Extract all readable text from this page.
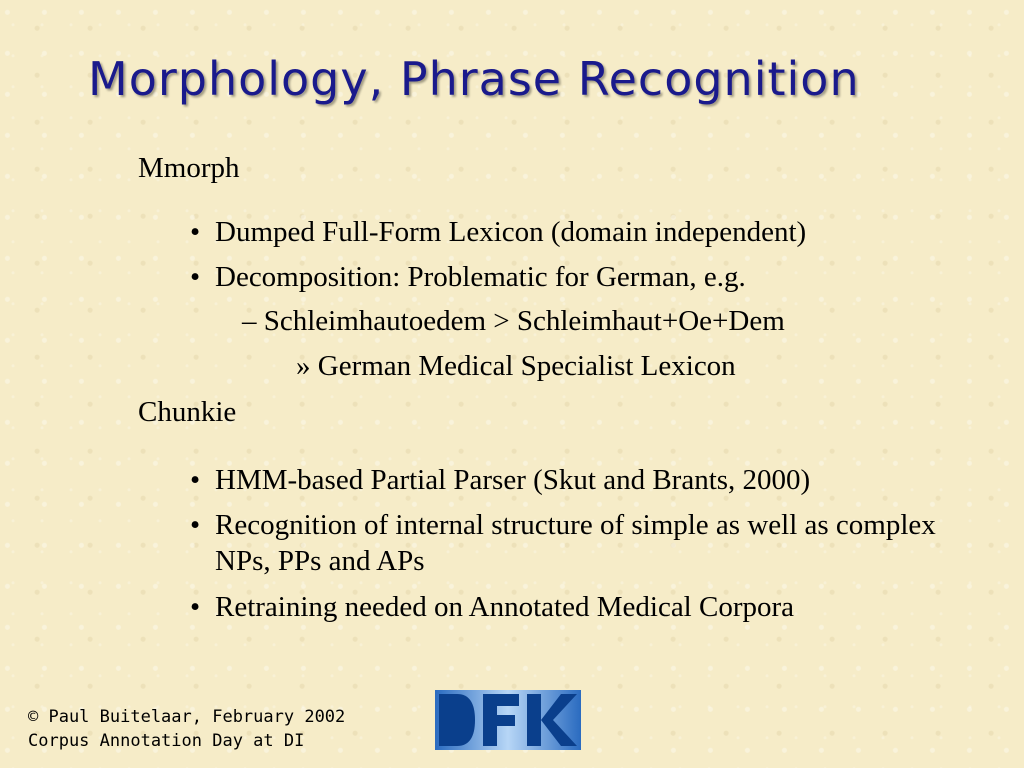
Morphology, Phrase Recognition
Mmorph
• Dumped Full-Form Lexicon (domain independent)
• Decomposition: Problematic for German, e.g.
– Schleimhautoedem > Schleimhaut+Oe+Dem
» German Medical Specialist Lexicon
Chunkie
• HMM-based Partial Parser (Skut and Brants, 2000)
• Recognition of internal structure of simple as well as complex NPs, PPs and APs
• Retraining needed on Annotated Medical Corpora
© Paul Buitelaar, February 2002
Corpus Annotation Day at DI
